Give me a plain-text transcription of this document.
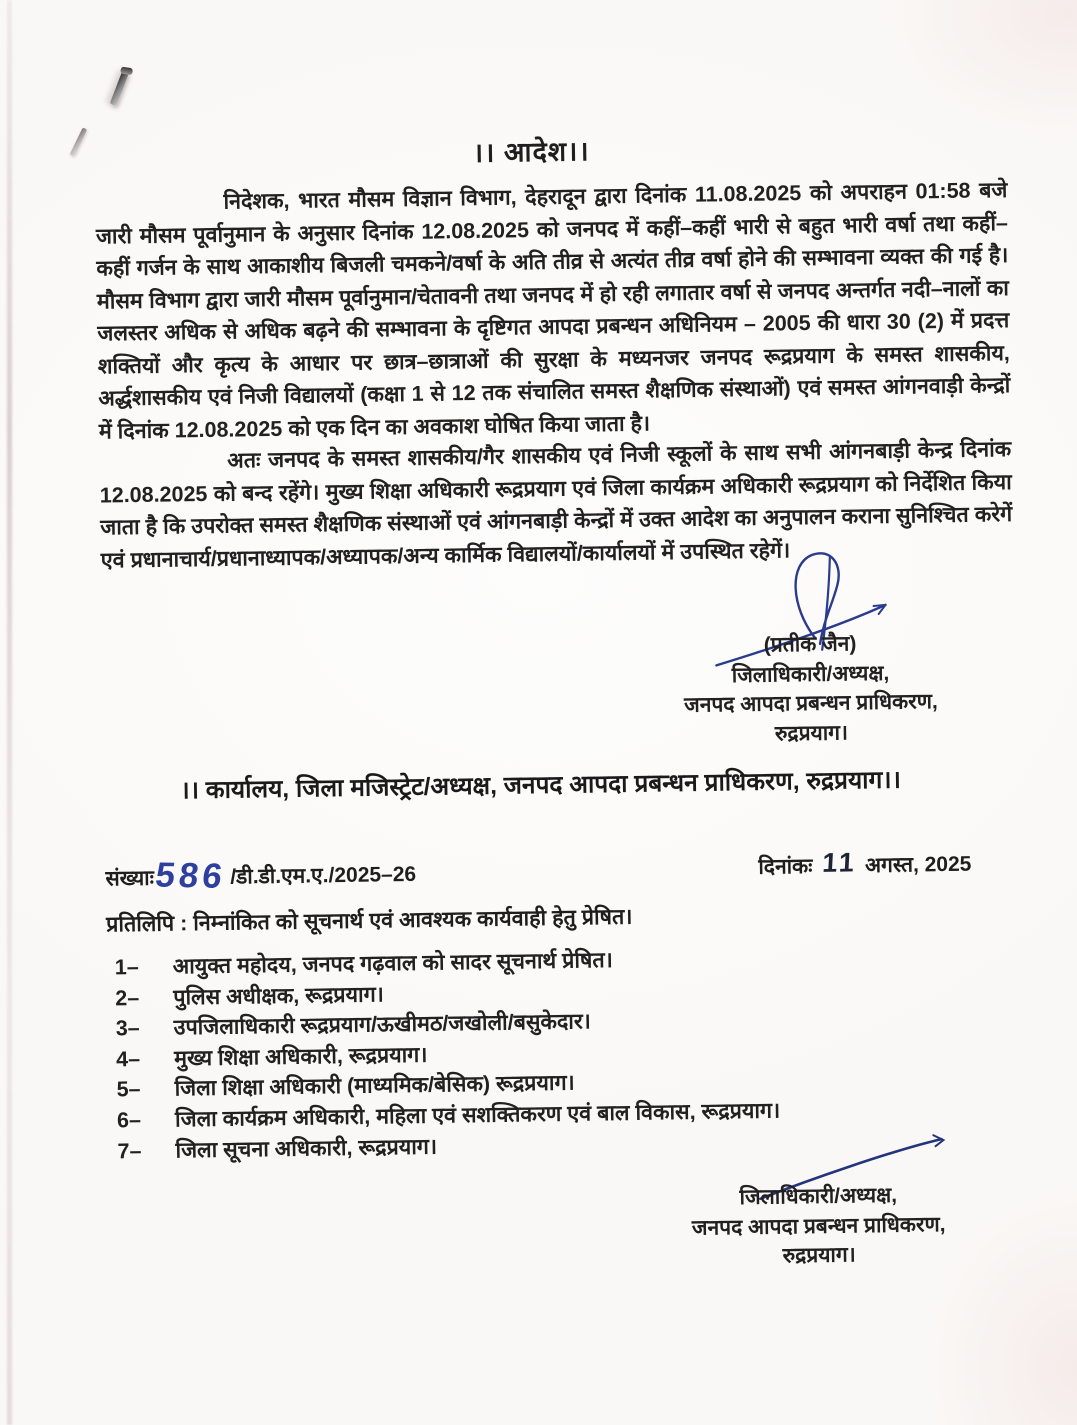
।। आदेश।।
निदेशक, भारत मौसम विज्ञान विभाग, देहरादून द्वारा दिनांक 11.08.2025 को अपराहन 01:58 बजे जारी मौसम पूर्वानुमान के अनुसार दिनांक 12.08.2025 को जनपद में कहीं–कहीं भारी से बहुत भारी वर्षा तथा कहीं–कहीं गर्जन के साथ आकाशीय बिजली चमकने/वर्षा के अति तीव्र से अत्यंत तीव्र वर्षा होने की सम्भावना व्यक्त की गई है। मौसम विभाग द्वारा जारी मौसम पूर्वानुमान/चेतावनी तथा जनपद में हो रही लगातार वर्षा से जनपद अन्तर्गत नदी–नालों का जलस्तर अधिक से अधिक बढ़ने की सम्भावना के दृष्टिगत आपदा प्रबन्धन अधिनियम – 2005 की धारा 30 (2) में प्रदत्त शक्तियों और कृत्य के आधार पर छात्र–छात्राओं की सुरक्षा के मध्यनजर जनपद रूद्रप्रयाग के समस्त शासकीय, अर्द्धशासकीय एवं निजी विद्यालयों (कक्षा 1 से 12 तक संचालित समस्त शैक्षणिक संस्थाओं) एवं समस्त आंगनवाड़ी केन्द्रों में दिनांक 12.08.2025 को एक दिन का अवकाश घोषित किया जाता है।
अतः जनपद के समस्त शासकीय/गैर शासकीय एवं निजी स्कूलों के साथ सभी आंगनबाड़ी केन्द्र दिनांक 12.08.2025 को बन्द रहेंगे। मुख्य शिक्षा अधिकारी रूद्रप्रयाग एवं जिला कार्यक्रम अधिकारी रूद्रप्रयाग को निर्देशित किया जाता है कि उपरोक्त समस्त शैक्षणिक संस्थाओं एवं आंगनबाड़ी केन्द्रों में उक्त आदेश का अनुपालन कराना सुनिश्चित करेगें एवं प्रधानाचार्य/प्रधानाध्यापक/अध्यापक/अन्य कार्मिक विद्यालयों/कार्यालयों में उपस्थित रहेगें।
(प्रतीक जैन)
जिलाधिकारी/अध्यक्ष,
जनपद आपदा प्रबन्धन प्राधिकरण,
रुद्रप्रयाग।
।। कार्यालय, जिला मजिस्ट्रेट/अध्यक्ष, जनपद आपदा प्रबन्धन प्राधिकरण, रुद्रप्रयाग।।
संख्याः 586 /डी.डी.एम.ए./2025–26	दिनांकः 11 अगस्त, 2025
प्रतिलिपि : निम्नांकित को सूचनार्थ एवं आवश्यक कार्यवाही हेतु प्रेषित।
1–	आयुक्त महोदय, जनपद गढ़वाल को सादर सूचनार्थ प्रेषित।
2–	पुलिस अधीक्षक, रूद्रप्रयाग।
3–	उपजिलाधिकारी रूद्रप्रयाग/ऊखीमठ/जखोली/बसुकेदार।
4–	मुख्य शिक्षा अधिकारी, रूद्रप्रयाग।
5–	जिला शिक्षा अधिकारी (माध्यमिक/बेसिक) रूद्रप्रयाग।
6–	जिला कार्यक्रम अधिकारी, महिला एवं सशक्तिकरण एवं बाल विकास, रूद्रप्रयाग।
7–	जिला सूचना अधिकारी, रूद्रप्रयाग।
जिलाधिकारी/अध्यक्ष,
जनपद आपदा प्रबन्धन प्राधिकरण,
रुद्रप्रयाग।
